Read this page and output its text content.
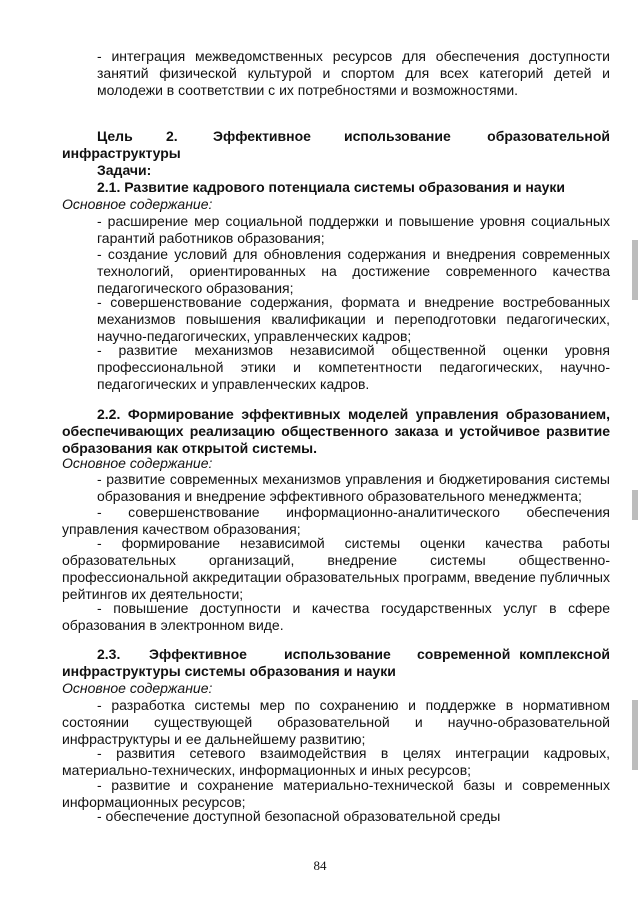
- интеграция межведомственных ресурсов для обеспечения доступности занятий физической культурой и спортом для всех категорий детей и молодежи в соответствии с их потребностями и возможностями.

Цель 2.	Эффективное использование	образовательной

инфраструктуры

Задачи:

2.1. Развитие кадрового потенциала системы образования и науки

Основное содержание:

- расширение мер социальной поддержки и повышение уровня социальных гарантий работников образования;

- создание условий для обновления содержания и внедрения современных технологий, ориентированных на достижение современного качества педагогического образования;

- совершенствование содержания, формата и внедрение востребованных механизмов повышения квалификации и переподготовки педагогических, научно-педагогических, управленческих кадров;

- развитие механизмов независимой общественной оценки уровня профессиональной этики и компетентности педагогических, научно-педагогических и управленческих кадров.

2.2. Формирование эффективных моделей управления образованием, обеспечивающих реализацию общественного заказа и устойчивое развитие образования как открытой системы.

Основное содержание:

- развитие современных механизмов управления и бюджетирования системы образования и внедрение эффективного образовательного менеджмента;

- совершенствование информационно-аналитического обеспечения управления качеством образования;

- формирование независимой системы оценки качества работы образовательных организаций, внедрение системы общественно-профессиональной аккредитации образовательных программ, введение публичных рейтингов их деятельности;

- повышение доступности и качества государственных услуг в сфере образования в электронном виде.

2.3. Эффективное	использование современной комплексной

инфраструктуры системы образования и науки

Основное содержание:

- разработка системы мер по сохранению и поддержке в нормативном состоянии существующей образовательной и научно-образовательной инфраструктуры и ее дальнейшему развитию;

- развития сетевого взаимодействия в целях интеграции кадровых, материально-технических, информационных и иных ресурсов;

- развитие и сохранение материально-технической базы и современных информационных ресурсов;

- обеспечение доступной безопасной образовательной среды

84
